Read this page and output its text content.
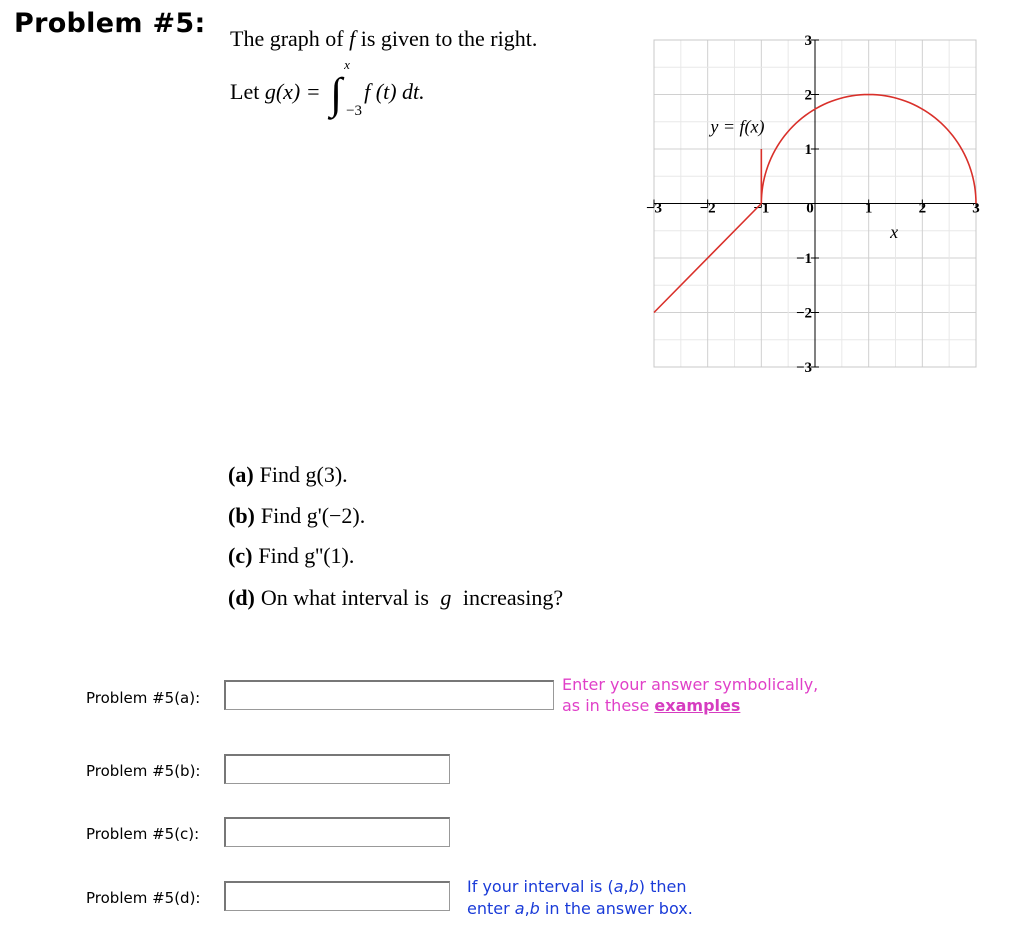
Problem #5: The graph of f is given to the right.
Let g(x) = ∫
x
−3
f (t) dt.
−3	−2	−1 0	1	2	3
3
2
1
−1
−2
−3
y = f(x)
x
(a) Find g(3).
(b) Find g'(−2).
(c) Find g''(1).
(d) On what interval is g increasing?
Problem #5(a):
Problem #5(b):
Problem #5(c):
Problem #5(d):
Enter your answer symbolically,
as in these examples
If your interval is (a,b) then
enter a,b in the answer box.
